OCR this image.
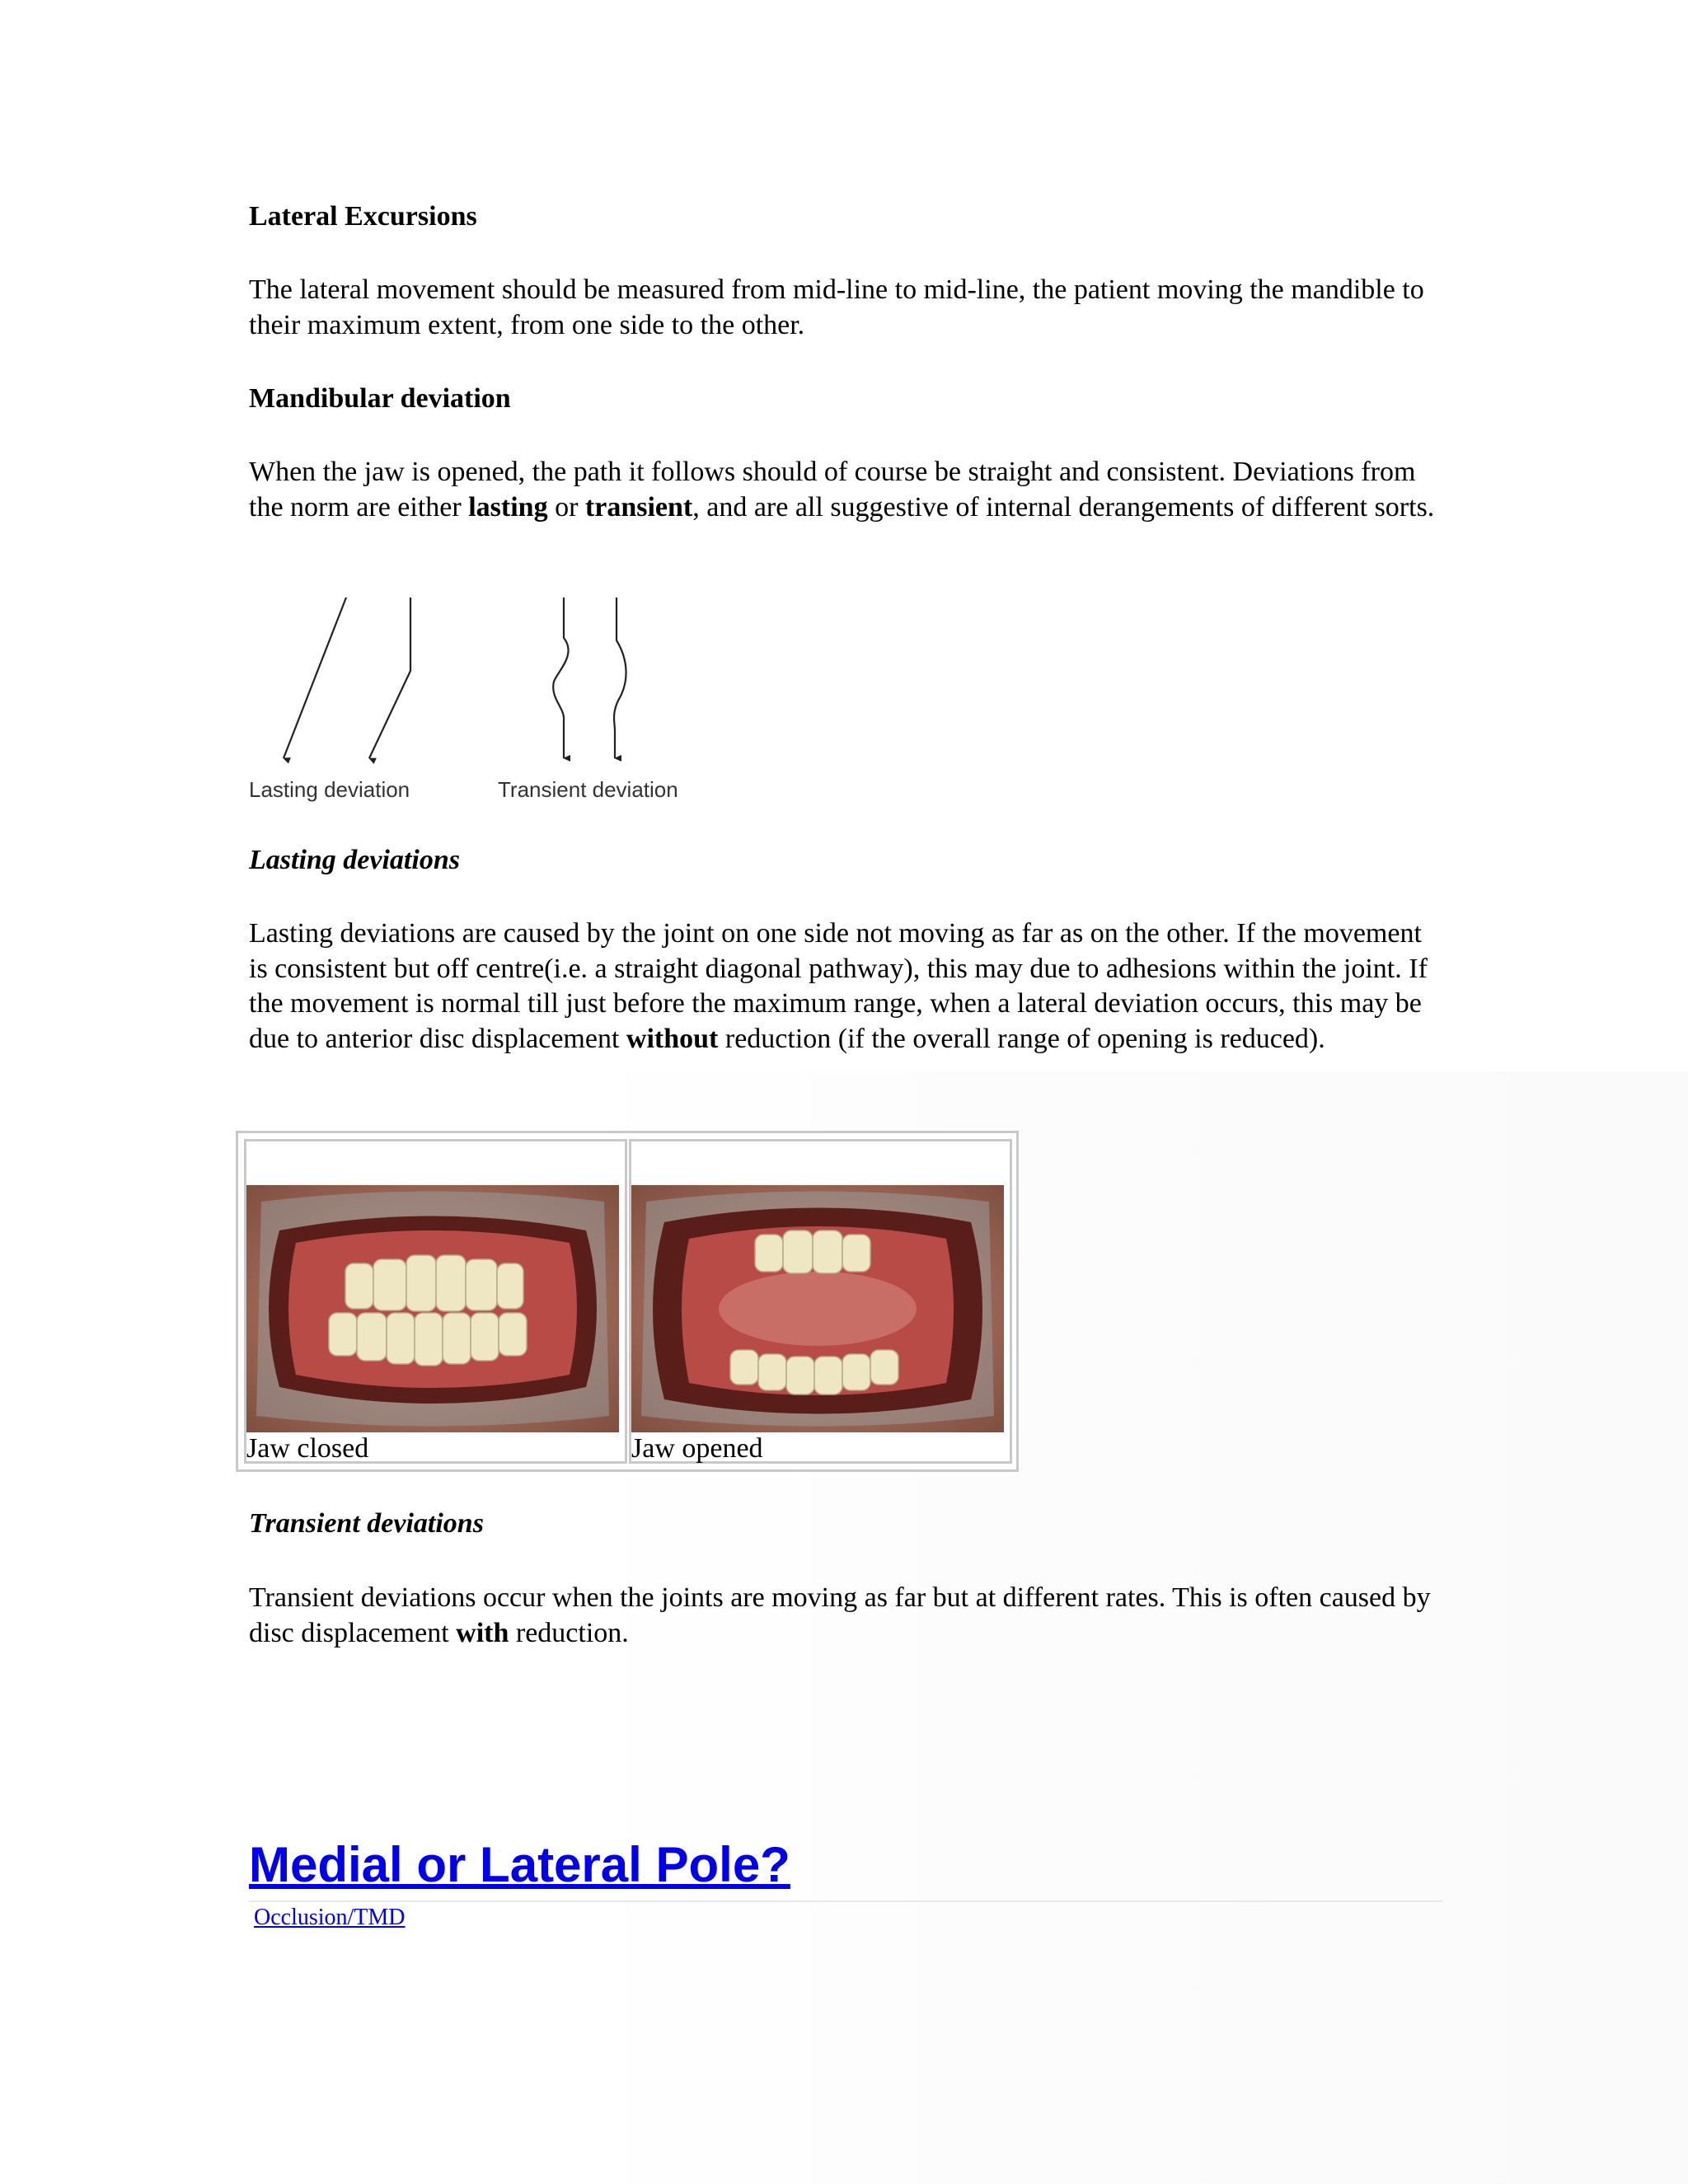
Lateral Excursions

The lateral movement should be measured from mid-line to mid-line, the patient moving the mandible to their maximum extent, from one side to the other.

Mandibular deviation

When the jaw is opened, the path it follows should of course be straight and consistent. Deviations from the norm are either lasting or transient, and are all suggestive of internal derangements of different sorts.

Lasting deviation	Transient deviation
Lasting deviations

Lasting deviations are caused by the joint on one side not moving as far as on the other. If the movement is consistent but off centre(i.e. a straight diagonal pathway), this may due to adhesions within the joint. If the movement is normal till just before the maximum range, when a lateral deviation occurs, this may be due to anterior disc displacement without reduction (if the overall range of opening is reduced).

Jaw closed	Jaw opened
Transient deviations

Transient deviations occur when the joints are moving as far but at different rates. This is often caused by disc displacement with reduction.

Medial or Lateral Pole?
Occlusion/TMD
